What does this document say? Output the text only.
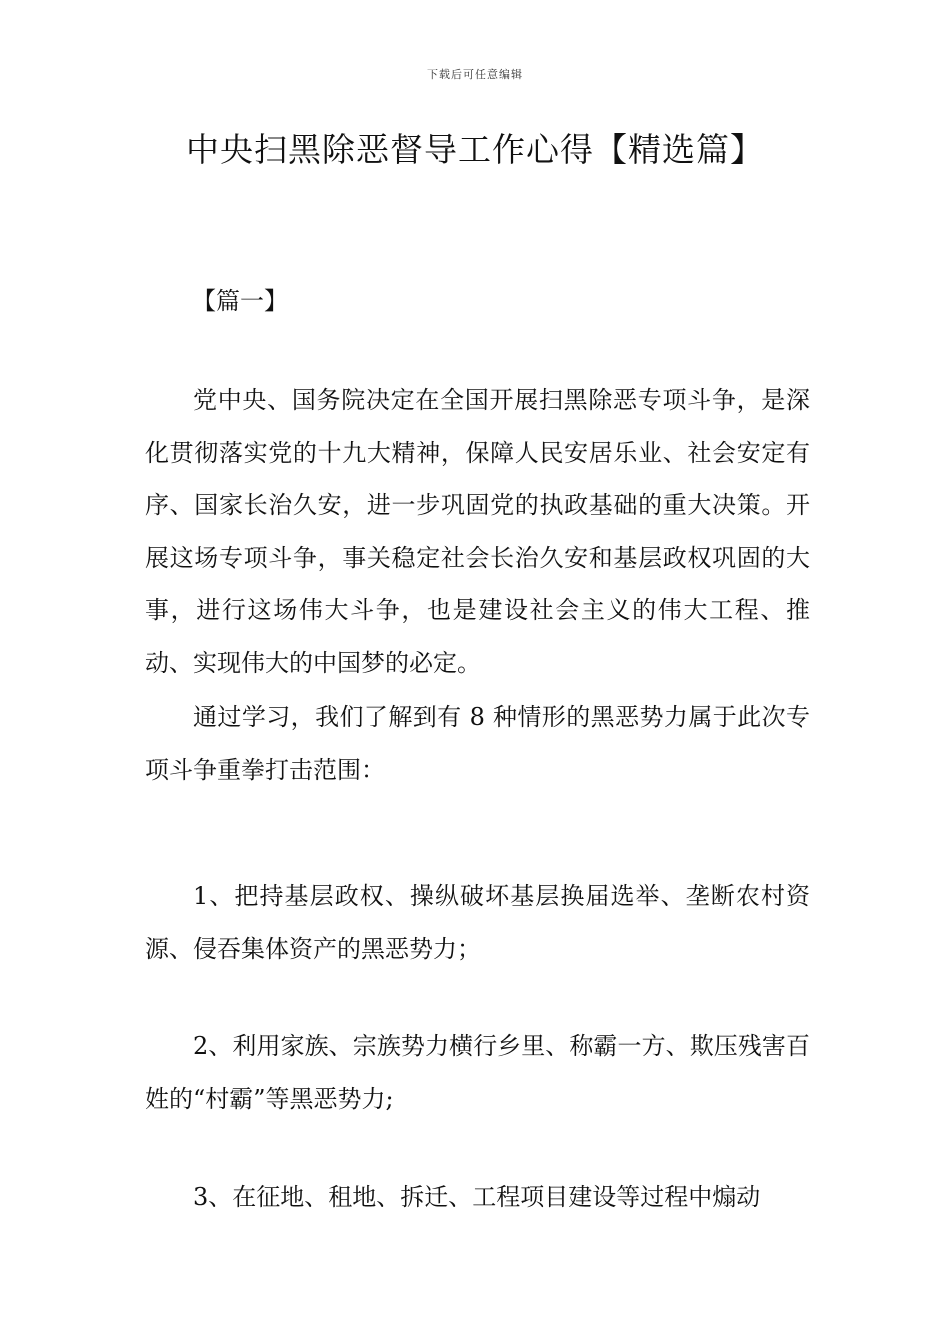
下载后可任意编辑
中央扫黑除恶督导工作心得【精选篇】
【篇一】

党中央、国务院决定在全国开展扫黑除恶专项斗争，是深化贯彻落实党的十九大精神，保障人民安居乐业、社会安定有序、国家长治久安，进一步巩固党的执政基础的重大决策。开展这场专项斗争，事关稳定社会长治久安和基层政权巩固的大事，进行这场伟大斗争，也是建设社会主义的伟大工程、推动、实现伟大的中国梦的必定。

通过学习，我们了解到有 8 种情形的黑恶势力属于此次专项斗争重拳打击范围：

1、把持基层政权、操纵破坏基层换届选举、垄断农村资源、侵吞集体资产的黑恶势力；

2、利用家族、宗族势力横行乡里、称霸一方、欺压残害百姓的“村霸”等黑恶势力;

3、在征地、租地、拆迁、工程项目建设等过程中煽动
